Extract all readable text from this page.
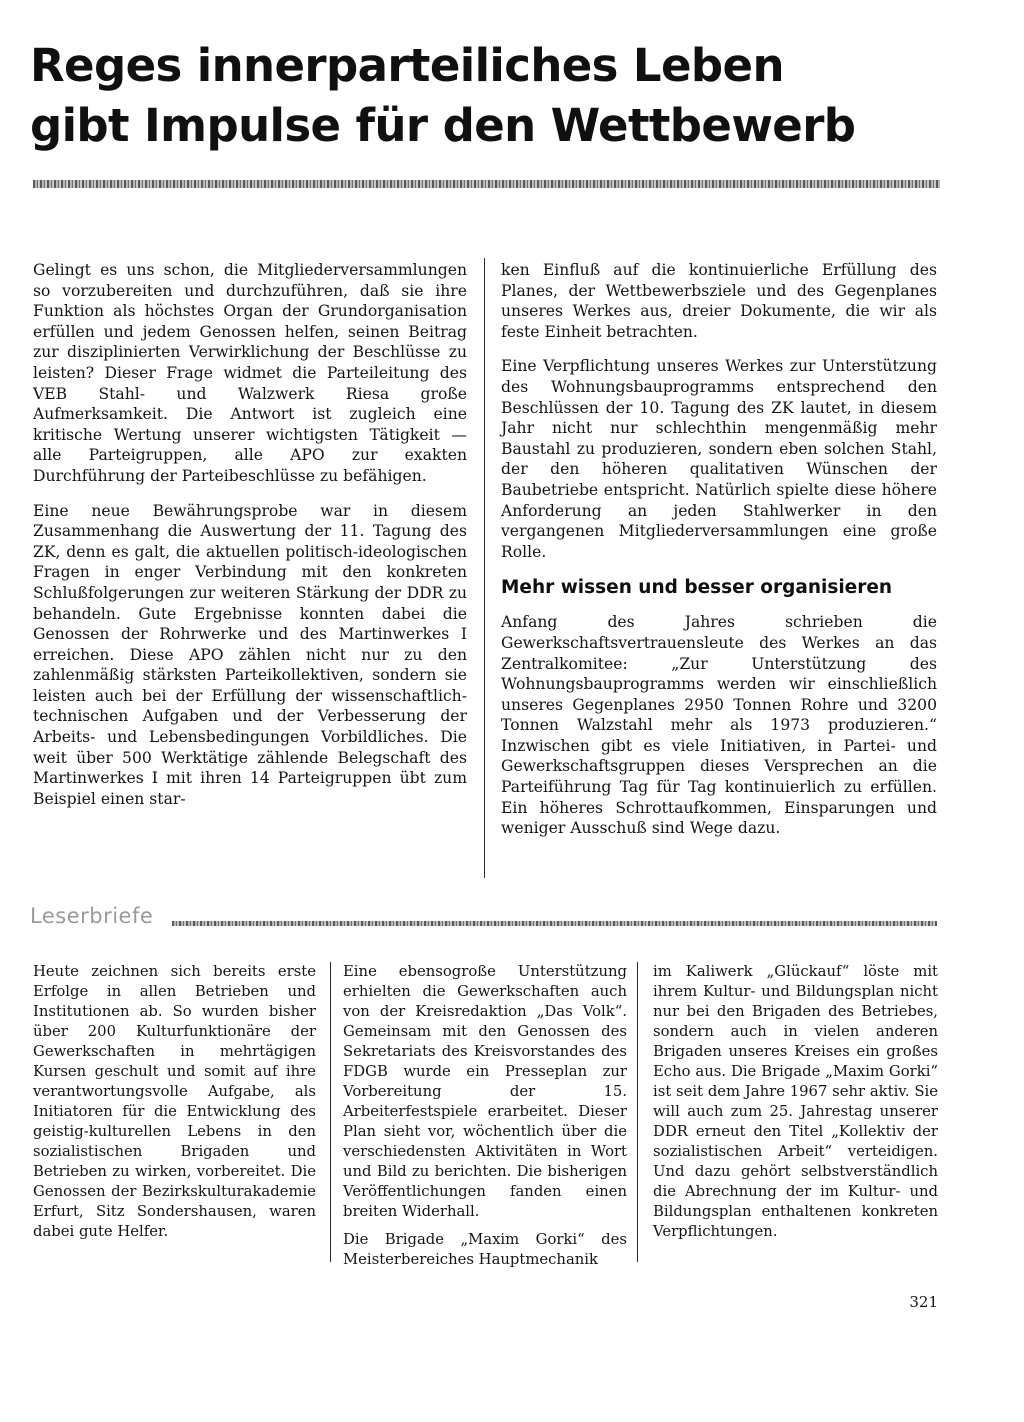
Reges innerparteiliches Leben
gibt Impulse für den Wettbewerb

Gelingt es uns schon, die Mitgliederversammlungen so vorzubereiten und durchzuführen, daß sie ihre Funktion als höchstes Organ der Grundorganisation erfüllen und jedem Genossen helfen, seinen Beitrag zur disziplinierten Verwirklichung der Beschlüsse zu leisten? Dieser Frage widmet die Parteileitung des VEB Stahl- und Walzwerk Riesa große Aufmerksamkeit. Die Antwort ist zugleich eine kritische Wertung unserer wichtigsten Tätigkeit — alle Parteigruppen, alle APO zur exakten Durchführung der Parteibeschlüsse zu befähigen.

Eine neue Bewährungsprobe war in diesem Zusammenhang die Auswertung der 11. Tagung des ZK, denn es galt, die aktuellen politisch-ideologischen Fragen in enger Verbindung mit den konkreten Schlußfolgerungen zur weiteren Stärkung der DDR zu behandeln. Gute Ergebnisse konnten dabei die Genossen der Rohrwerke und des Martinwerkes I erreichen. Diese APO zählen nicht nur zu den zahlenmäßig stärksten Parteikollektiven, sondern sie leisten auch bei der Erfüllung der wissenschaftlich-technischen Aufgaben und der Verbesserung der Arbeits- und Lebensbedingungen Vorbildliches. Die weit über 500 Werktätige zählende Belegschaft des Martinwerkes I mit ihren 14 Parteigruppen übt zum Beispiel einen star-

ken Einfluß auf die kontinuierliche Erfüllung des Planes, der Wettbewerbsziele und des Gegenplanes unseres Werkes aus, dreier Dokumente, die wir als feste Einheit betrachten.

Eine Verpflichtung unseres Werkes zur Unterstützung des Wohnungsbauprogramms entsprechend den Beschlüssen der 10. Tagung des ZK lautet, in diesem Jahr nicht nur schlechthin mengenmäßig mehr Baustahl zu produzieren, sondern eben solchen Stahl, der den höheren qualitativen Wünschen der Baubetriebe entspricht. Natürlich spielte diese höhere Anforderung an jeden Stahlwerker in den vergangenen Mitgliederversammlungen eine große Rolle.

Mehr wissen und besser organisieren

Anfang des Jahres schrieben die Gewerkschaftsvertrauensleute des Werkes an das Zentralkomitee: „Zur Unterstützung des Wohnungsbauprogramms werden wir einschließlich unseres Gegenplanes 2950 Tonnen Rohre und 3200 Tonnen Walzstahl mehr als 1973 produzieren.“ Inzwischen gibt es viele Initiativen, in Partei- und Gewerkschaftsgruppen dieses Versprechen an die Parteiführung Tag für Tag kontinuierlich zu erfüllen. Ein höheres Schrottaufkommen, Einsparungen und weniger Ausschuß sind Wege dazu.

Leserbriefe

Heute zeichnen sich bereits erste Erfolge in allen Betrieben und Institutionen ab. So wurden bisher über 200 Kulturfunktionäre der Gewerkschaften in mehrtägigen Kursen geschult und somit auf ihre verantwortungsvolle Aufgabe, als Initiatoren für die Entwicklung des geistig-kulturellen Lebens in den sozialistischen Brigaden und Betrieben zu wirken, vorbereitet. Die Genossen der Bezirkskulturakademie Erfurt, Sitz Sondershausen, waren dabei gute Helfer.

Eine ebensogroße Unterstützung erhielten die Gewerkschaften auch von der Kreisredaktion „Das Volk“. Gemeinsam mit den Genossen des Sekretariats des Kreisvorstandes des FDGB wurde ein Presseplan zur Vorbereitung der 15. Arbeiterfestspiele erarbeitet. Dieser Plan sieht vor, wöchentlich über die verschiedensten Aktivitäten in Wort und Bild zu berichten. Die bisherigen Veröffentlichungen fanden einen breiten Widerhall.

Die Brigade „Maxim Gorki“ des Meisterbereiches Hauptmechanik

im Kaliwerk „Glückauf“ löste mit ihrem Kultur- und Bildungsplan nicht nur bei den Brigaden des Betriebes, sondern auch in vielen anderen Brigaden unseres Kreises ein großes Echo aus. Die Brigade „Maxim Gorki“ ist seit dem Jahre 1967 sehr aktiv. Sie will auch zum 25. Jahrestag unserer DDR erneut den Titel „Kollektiv der sozialistischen Arbeit“ verteidigen. Und dazu gehört selbstverständlich die Abrechnung der im Kultur- und Bildungsplan enthaltenen konkreten Verpflichtungen.

321
